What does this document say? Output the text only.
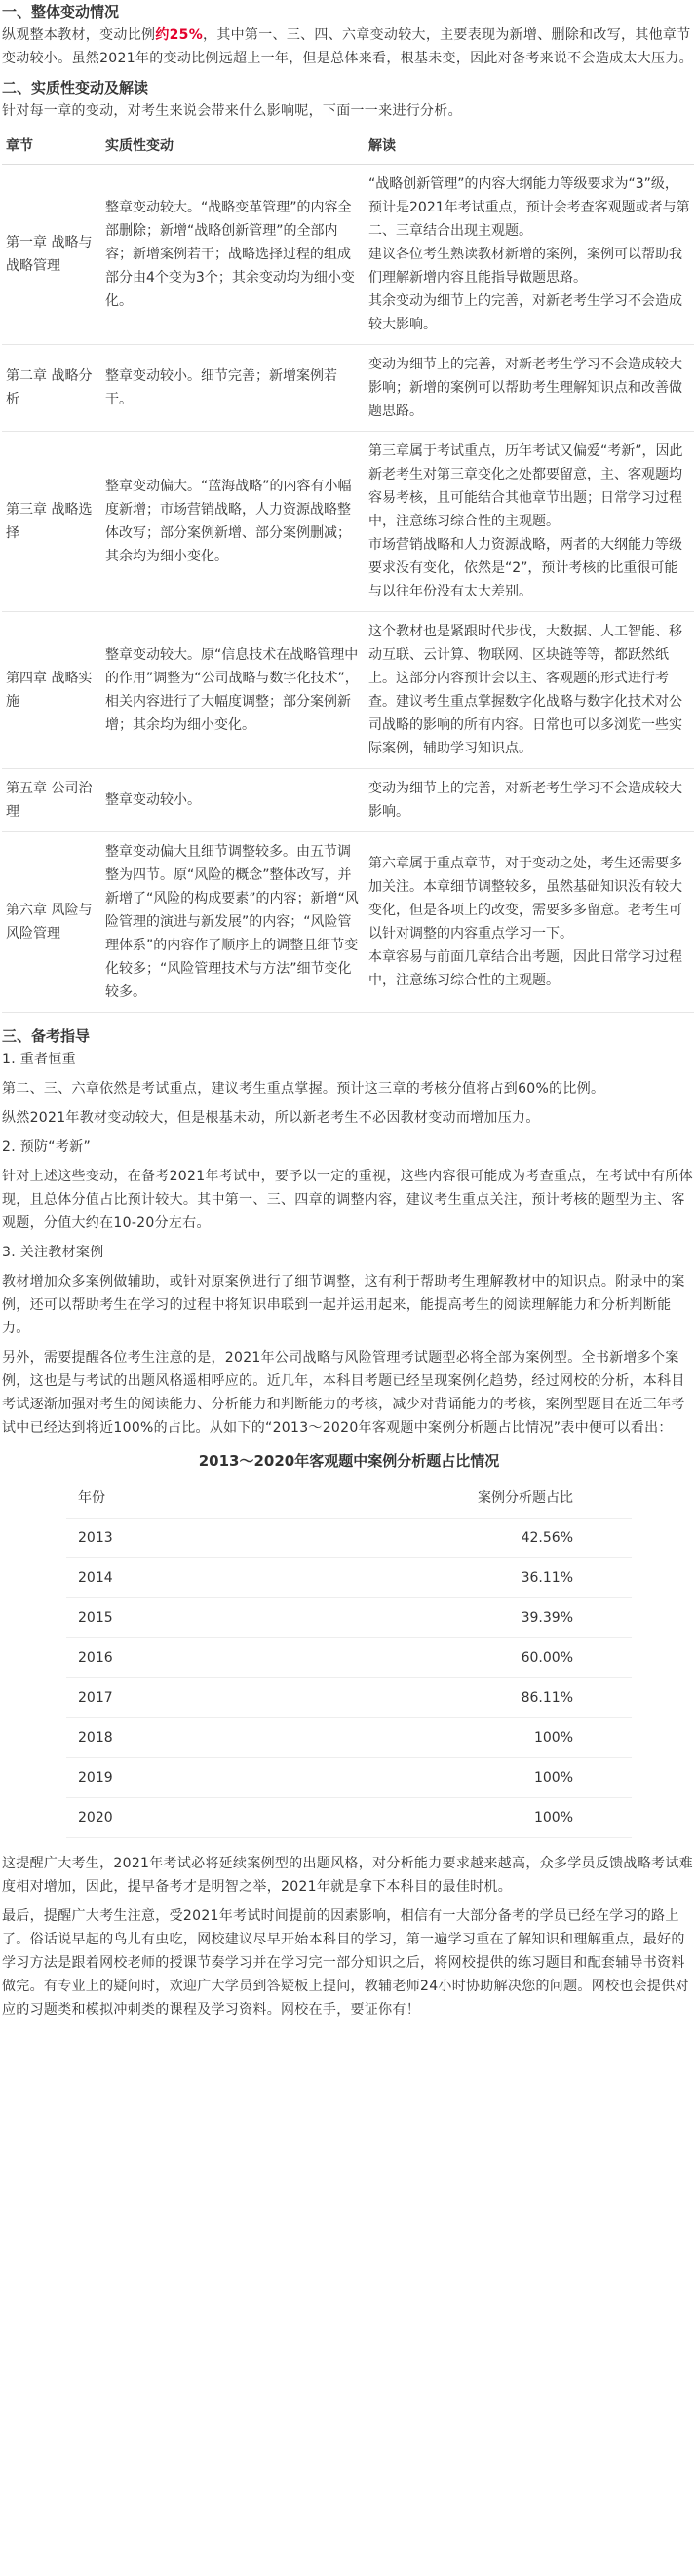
一、整体变动情况

纵观整本教材，变动比例约25%，其中第一、三、四、六章变动较大，主要表现为新增、删除和改写，其他章节变动较小。虽然2021年的变动比例远超上一年，但是总体来看，根基未变，因此对备考来说不会造成太大压力。

二、实质性变动及解读

针对每一章的变动，对考生来说会带来什么影响呢，下面一一来进行分析。

章节	实质性变动	解读
第一章 战略与战略管理	整章变动较大。“战略变革管理”的内容全部删除；新增“战略创新管理”的全部内容；新增案例若干；战略选择过程的组成部分由4个变为3个；其余变动均为细小变化。	“战略创新管理”的内容大纲能力等级要求为“3”级，预计是2021年考试重点，预计会考查客观题或者与第二、三章结合出现主观题。
建议各位考生熟读教材新增的案例，案例可以帮助我们理解新增内容且能指导做题思路。
其余变动为细节上的完善，对新老考生学习不会造成较大影响。

第二章 战略分析	整章变动较小。细节完善；新增案例若干。	变动为细节上的完善，对新老考生学习不会造成较大影响；新增的案例可以帮助考生理解知识点和改善做题思路。

第三章 战略选择	整章变动偏大。“蓝海战略”的内容有小幅度新增；市场营销战略，人力资源战略整体改写；部分案例新增、部分案例删减；其余均为细小变化。	第三章属于考试重点，历年考试又偏爱“考新”，因此新老考生对第三章变化之处都要留意，主、客观题均容易考核，且可能结合其他章节出题；日常学习过程中，注意练习综合性的主观题。
市场营销战略和人力资源战略，两者的大纲能力等级要求没有变化，依然是“2”，预计考核的比重很可能与以往年份没有太大差别。

第四章 战略实施	整章变动较大。原“信息技术在战略管理中的作用”调整为“公司战略与数字化技术”，相关内容进行了大幅度调整；部分案例新增；其余均为细小变化。	这个教材也是紧跟时代步伐，大数据、人工智能、移动互联、云计算、物联网、区块链等等，都跃然纸上。这部分内容预计会以主、客观题的形式进行考查。建议考生重点掌握数字化战略与数字化技术对公司战略的影响的所有内容。日常也可以多浏览一些实际案例，辅助学习知识点。

第五章 公司治理	整章变动较小。	变动为细节上的完善，对新老考生学习不会造成较大影响。

第六章 风险与风险管理	整章变动偏大且细节调整较多。由五节调整为四节。原“风险的概念”整体改写，并新增了“风险的构成要素”的内容；新增“风险管理的演进与新发展”的内容；“风险管理体系”的内容作了顺序上的调整且细节变化较多；“风险管理技术与方法”细节变化较多。	第六章属于重点章节，对于变动之处，考生还需要多加关注。本章细节调整较多，虽然基础知识没有较大变化，但是各项上的改变，需要多多留意。老考生可以针对调整的内容重点学习一下。
本章容易与前面几章结合出考题，因此日常学习过程中，注意练习综合性的主观题。
三、备考指导

1. 重者恒重

第二、三、六章依然是考试重点，建议考生重点掌握。预计这三章的考核分值将占到60%的比例。

纵然2021年教材变动较大，但是根基未动，所以新老考生不必因教材变动而增加压力。

2. 预防“考新”

针对上述这些变动，在备考2021年考试中，要予以一定的重视，这些内容很可能成为考查重点，在考试中有所体现，且总体分值占比预计较大。其中第一、三、四章的调整内容，建议考生重点关注，预计考核的题型为主、客观题，分值大约在10-20分左右。

3. 关注教材案例

教材增加众多案例做辅助，或针对原案例进行了细节调整，这有利于帮助考生理解教材中的知识点。附录中的案例，还可以帮助考生在学习的过程中将知识串联到一起并运用起来，能提高考生的阅读理解能力和分析判断能力。

另外，需要提醒各位考生注意的是，2021年公司战略与风险管理考试题型必将全部为案例型。全书新增多个案例，这也是与考试的出题风格遥相呼应的。近几年，本科目考题已经呈现案例化趋势，经过网校的分析，本科目考试逐渐加强对考生的阅读能力、分析能力和判断能力的考核，减少对背诵能力的考核，案例型题目在近三年考试中已经达到将近100%的占比。从如下的“2013～2020年客观题中案例分析题占比情况”表中便可以看出：

2013～2020年客观题中案例分析题占比情况
年份	案例分析题占比
2013	42.56%
2014	36.11%
2015	39.39%
2016	60.00%
2017	86.11%
2018	100%
2019	100%
2020	100%

这提醒广大考生，2021年考试必将延续案例型的出题风格，对分析能力要求越来越高，众多学员反馈战略考试难度相对增加，因此，提早备考才是明智之举，2021年就是拿下本科目的最佳时机。

最后，提醒广大考生注意，受2021年考试时间提前的因素影响，相信有一大部分备考的学员已经在学习的路上了。俗话说早起的鸟儿有虫吃，网校建议尽早开始本科目的学习，第一遍学习重在了解知识和理解重点，最好的学习方法是跟着网校老师的授课节奏学习并在学习完一部分知识之后，将网校提供的练习题目和配套辅导书资料做完。有专业上的疑问时，欢迎广大学员到答疑板上提问，教辅老师24小时协助解决您的问题。网校也会提供对应的习题类和模拟冲刺类的课程及学习资料。网校在手，要证你有！
